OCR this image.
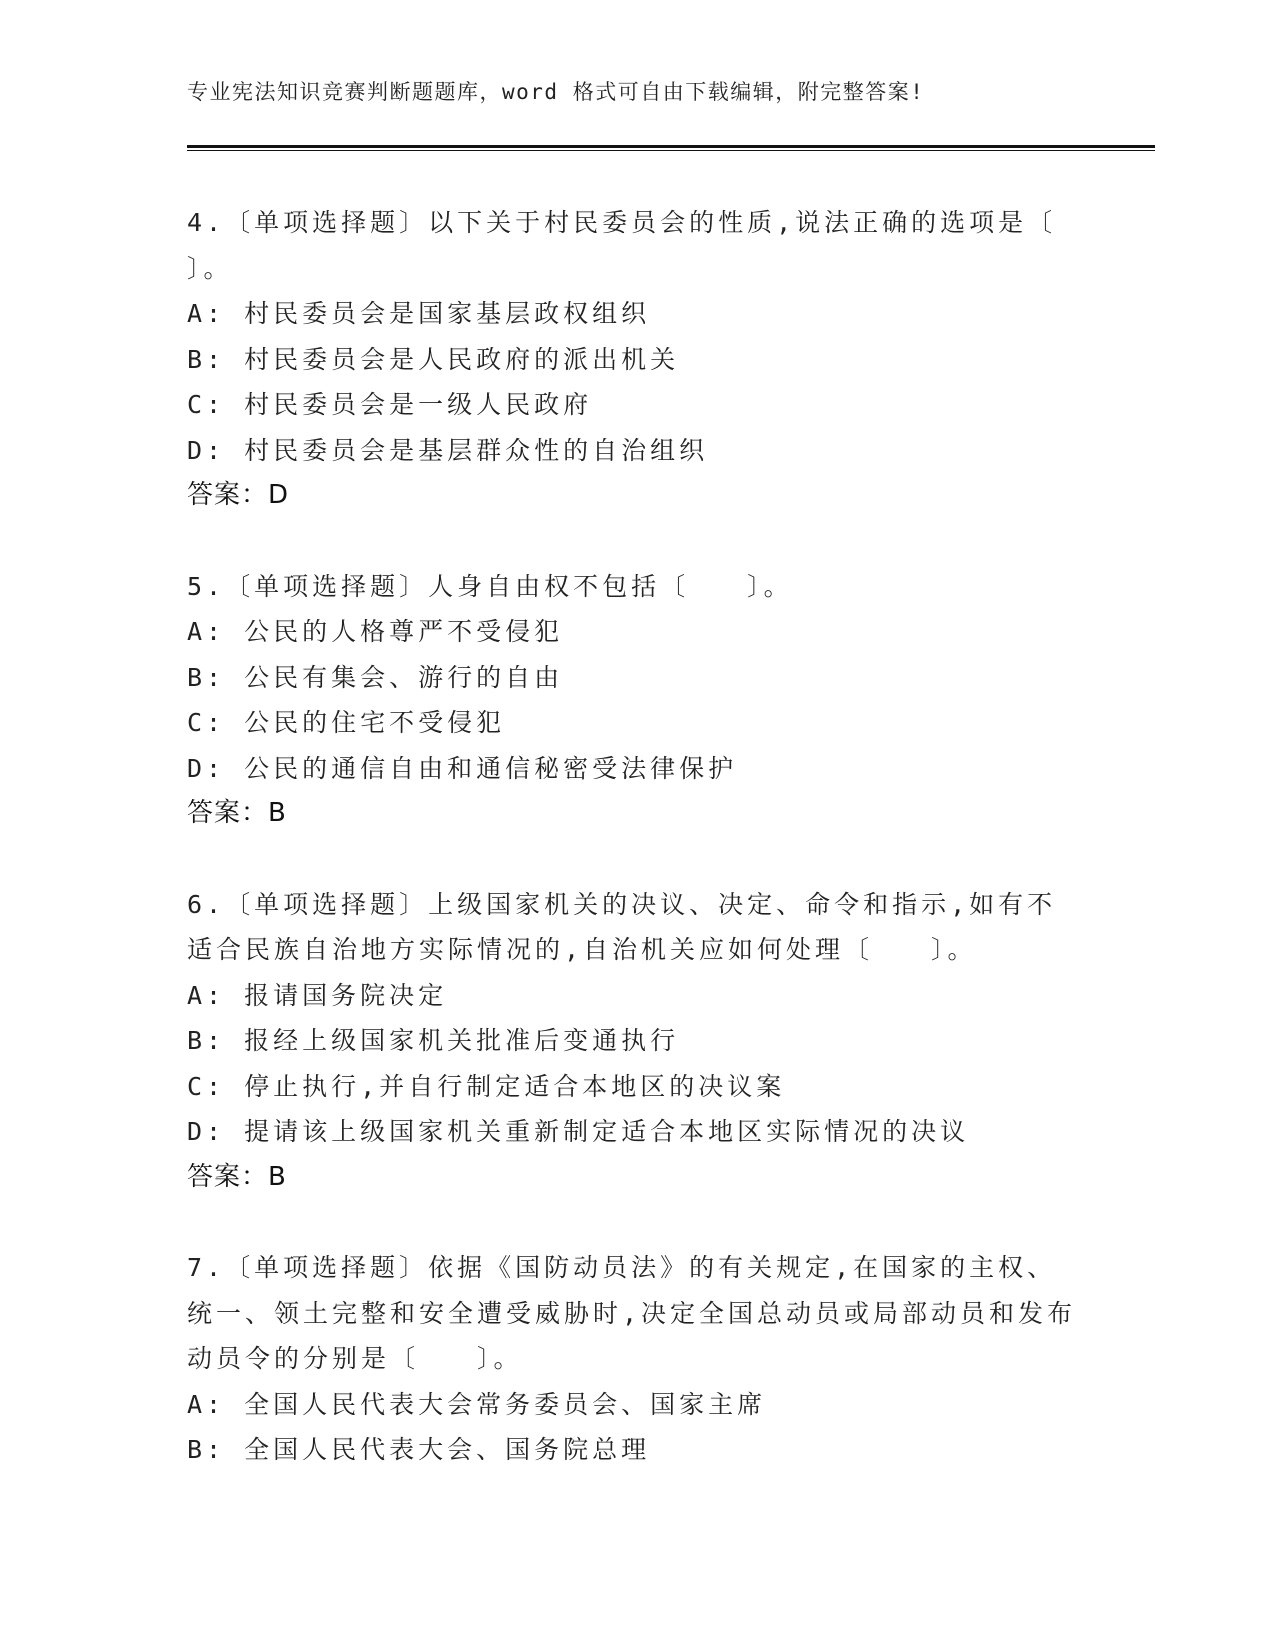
专业宪法知识竞赛判断题题库，word 格式可自由下载编辑，附完整答案!
4.〔单项选择题〕以下关于村民委员会的性质,说法正确的选项是〔 〕。
A: 村民委员会是国家基层政权组织
B: 村民委员会是人民政府的派出机关
C: 村民委员会是一级人民政府
D: 村民委员会是基层群众性的自治组织
答案：D
5.〔单项选择题〕人身自由权不包括〔　　〕。
A: 公民的人格尊严不受侵犯
B: 公民有集会、游行的自由
C: 公民的住宅不受侵犯
D: 公民的通信自由和通信秘密受法律保护
答案：B
6.〔单项选择题〕上级国家机关的决议、决定、命令和指示,如有不适合民族自治地方实际情况的,自治机关应如何处理〔　　〕。
A: 报请国务院决定
B: 报经上级国家机关批准后变通执行
C: 停止执行,并自行制定适合本地区的决议案
D: 提请该上级国家机关重新制定适合本地区实际情况的决议
答案：B
7.〔单项选择题〕依据《国防动员法》的有关规定,在国家的主权、统一、领土完整和安全遭受威胁时,决定全国总动员或局部动员和发布动员令的分别是〔　　〕。
A: 全国人民代表大会常务委员会、国家主席
B: 全国人民代表大会、国务院总理
